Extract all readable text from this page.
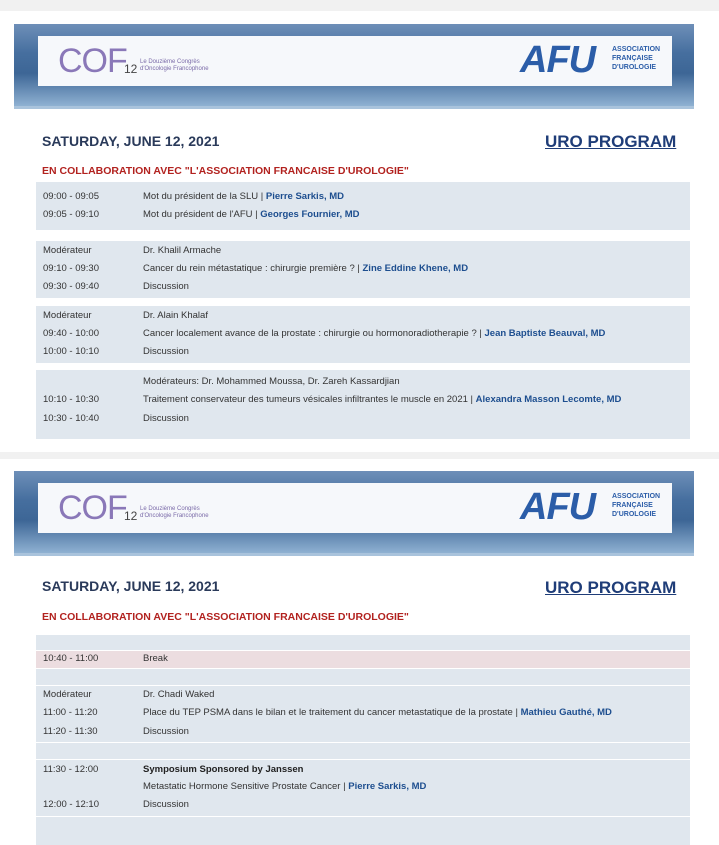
COF
12 Le Douzième Congrès d'Oncologie Francophone	AFU ASSOCIATION FRANÇAISE D'UROLOGIE
SATURDAY, JUNE 12, 2021	URO PROGRAM
EN COLLABORATION AVEC "L'ASSOCIATION FRANCAISE D'UROLOGIE"
09:00 - 09:05	Mot du président de la SLU | Pierre Sarkis, MD
09:05 - 09:10	Mot du président de l'AFU | Georges Fournier, MD
Modérateur	Dr. Khalil Armache
09:10 - 09:30	Cancer du rein métastatique : chirurgie première ? | Zine Eddine Khene, MD
09:30 - 09:40	Discussion
Modérateur	Dr. Alain Khalaf
09:40 - 10:00	Cancer localement avance de la prostate : chirurgie ou hormonoradiotherapie ? | Jean Baptiste Beauval, MD
10:00 - 10:10	Discussion
Modérateurs: Dr. Mohammed Moussa, Dr. Zareh Kassardjian
10:10 - 10:30	Traitement conservateur des tumeurs vésicales infiltrantes le muscle en 2021 | Alexandra Masson Lecomte, MD
10:30 - 10:40	Discussion
COF
12 Le Douzième Congrès d'Oncologie Francophone	AFU ASSOCIATION FRANÇAISE D'UROLOGIE
SATURDAY, JUNE 12, 2021	URO PROGRAM
EN COLLABORATION AVEC "L'ASSOCIATION FRANCAISE D'UROLOGIE"
10:40 - 11:00	Break
Modérateur	Dr. Chadi Waked
11:00 - 11:20	Place du TEP PSMA dans le bilan et le traitement du cancer metastatique de la prostate | Mathieu Gauthé, MD
11:20 - 11:30	Discussion
11:30 - 12:00	Symposium Sponsored by Janssen
Metastatic Hormone Sensitive Prostate Cancer | Pierre Sarkis, MD
12:00 - 12:10	Discussion
